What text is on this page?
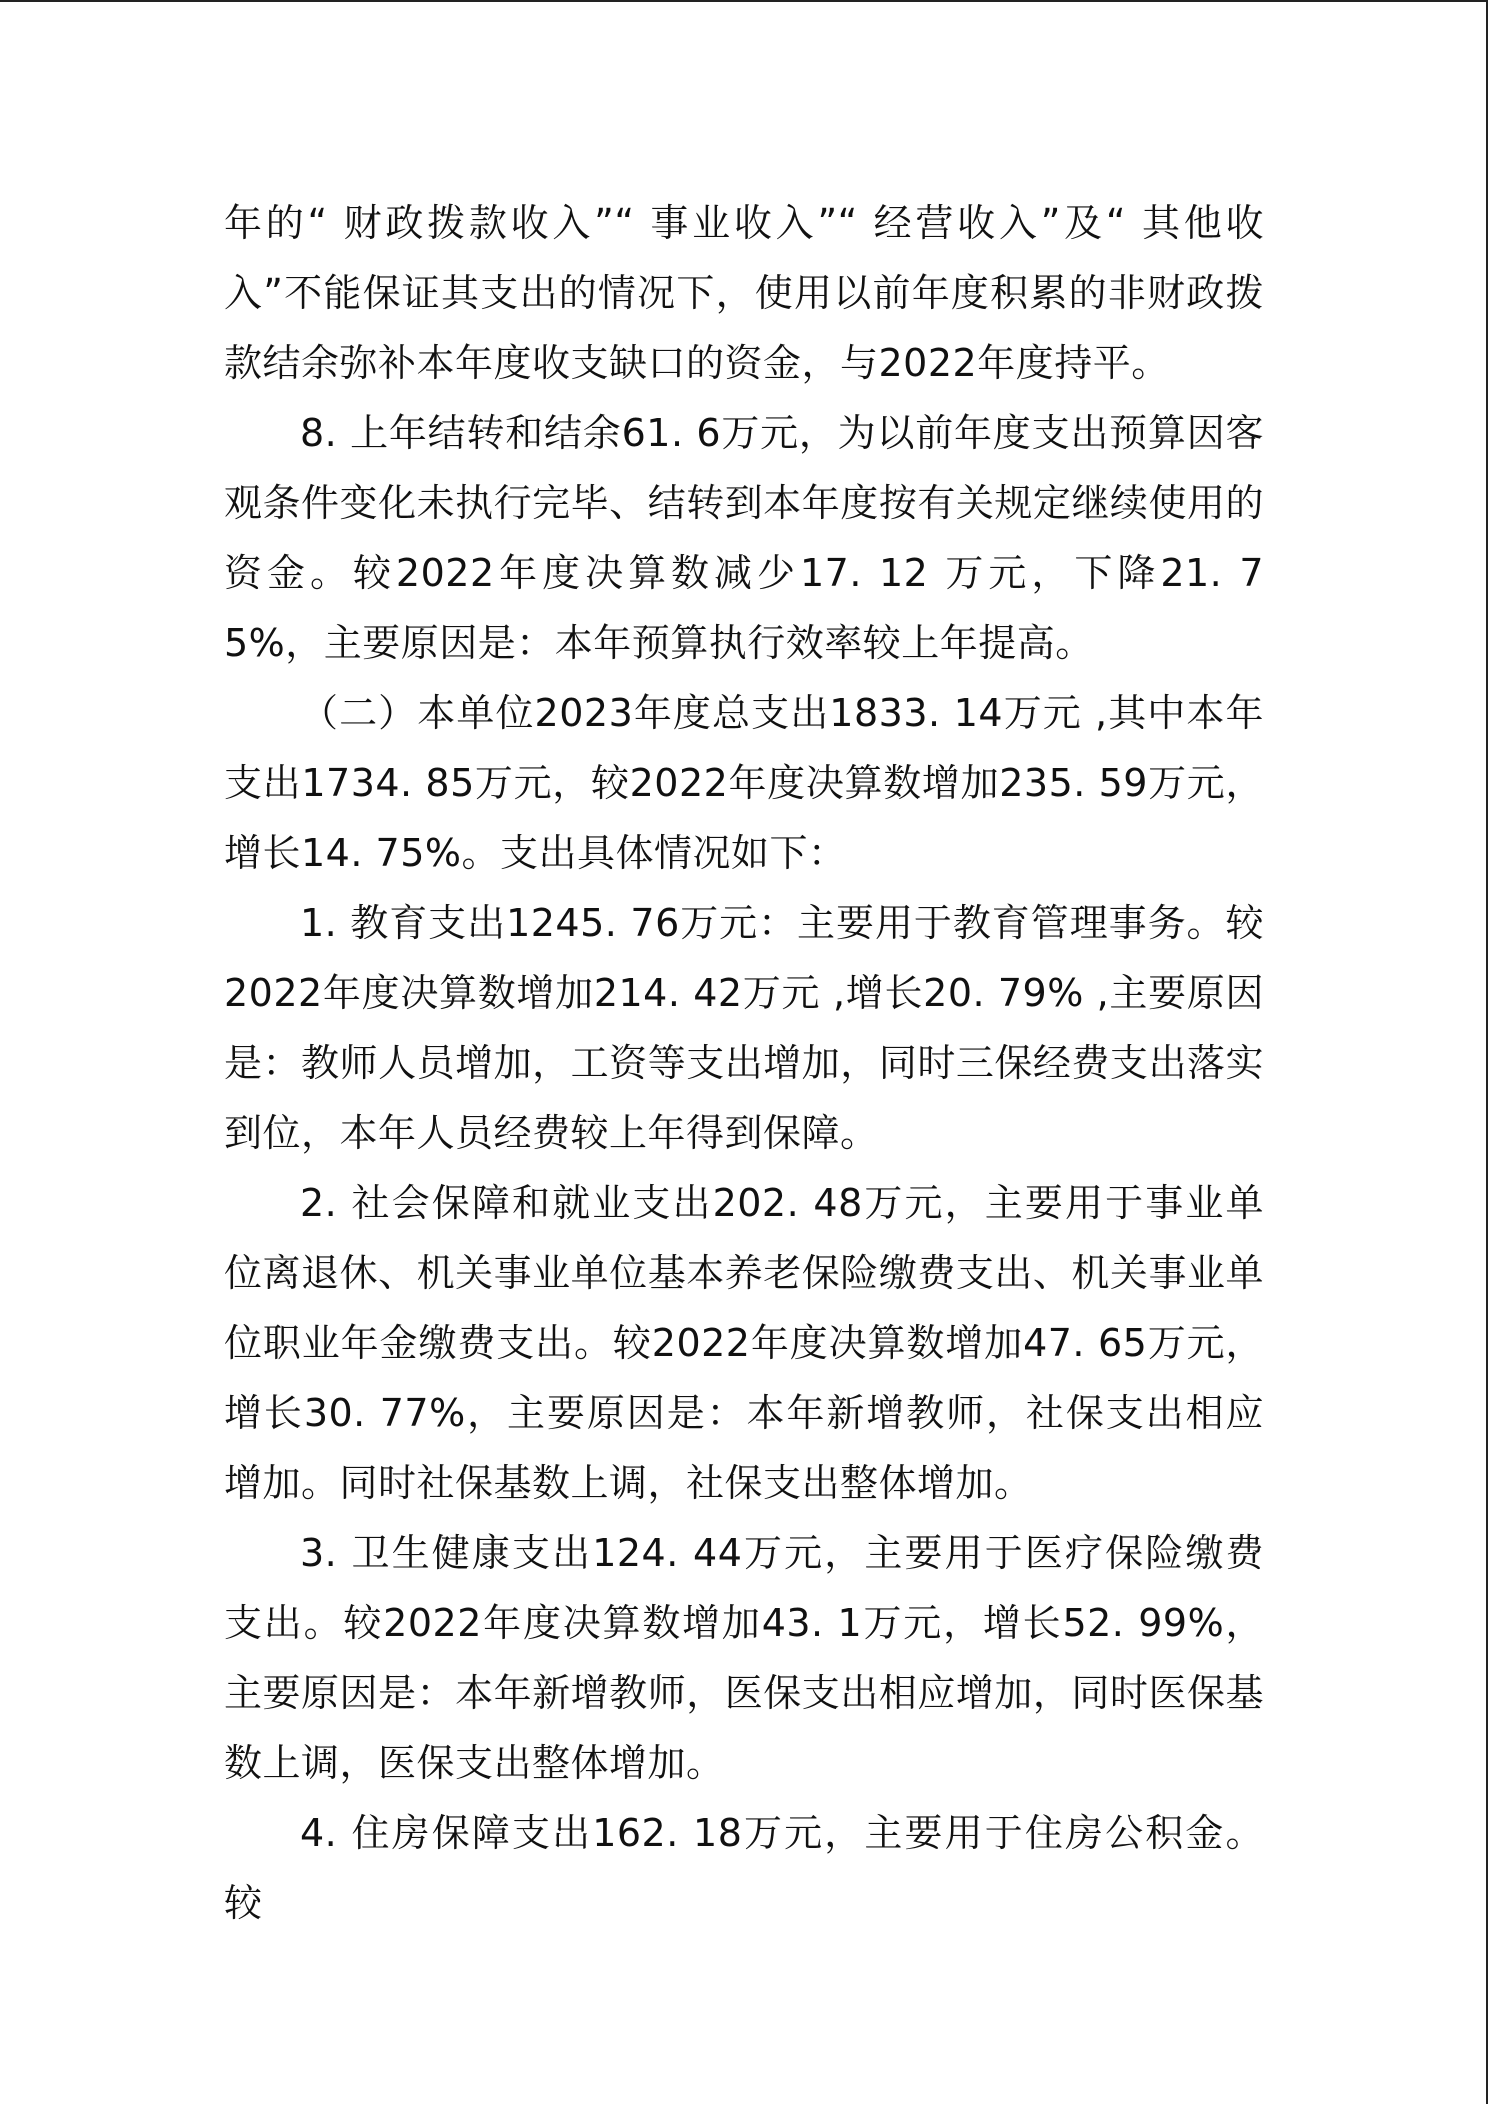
年的“ 财政拨款收入”“ 事业收入”“ 经营收入”及“ 其他收入”不能保证其支出的情况下，使用以前年度积累的非财政拨款结余弥补本年度收支缺口的资金，与2022年度持平。

8. 上年结转和结余61. 6万元，为以前年度支出预算因客观条件变化未执行完毕、结转到本年度按有关规定继续使用的资金。较2022年度决算数减少17. 12 万元，下降21. 75%，主要原因是：本年预算执行效率较上年提高。

（二）本单位2023年度总支出1833. 14万元 ,其中本年支出1734. 85万元，较2022年度决算数增加235. 59万元，增长14. 75%。支出具体情况如下：

1. 教育支出1245. 76万元：主要用于教育管理事务。较2022年度决算数增加214. 42万元 ,增长20. 79% ,主要原因是：教师人员增加，工资等支出增加，同时三保经费支出落实到位，本年人员经费较上年得到保障。

2. 社会保障和就业支出202. 48万元，主要用于事业单位离退休、机关事业单位基本养老保险缴费支出、机关事业单位职业年金缴费支出。较2022年度决算数增加47. 65万元，增长30. 77%，主要原因是：本年新增教师，社保支出相应增加。同时社保基数上调，社保支出整体增加。

3. 卫生健康支出124. 44万元，主要用于医疗保险缴费支出。较2022年度决算数增加43. 1万元，增长52. 99%，主要原因是：本年新增教师，医保支出相应增加，同时医保基数上调，医保支出整体增加。

4. 住房保障支出162. 18万元，主要用于住房公积金。较
